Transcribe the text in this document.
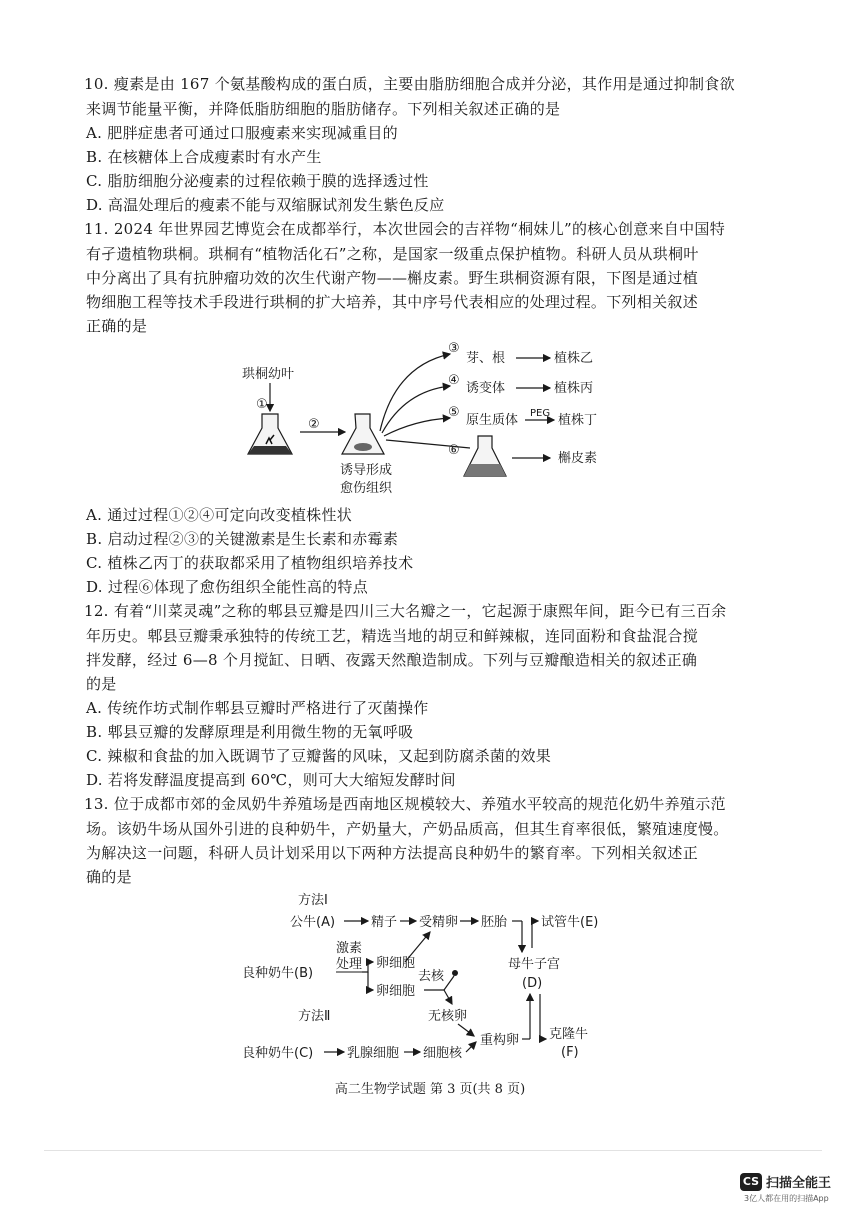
10. 瘦素是由 167 个氨基酸构成的蛋白质，主要由脂肪细胞合成并分泌，其作用是通过抑制食欲
来调节能量平衡，并降低脂肪细胞的脂肪储存。下列相关叙述正确的是
A. 肥胖症患者可通过口服瘦素来实现减重目的
B. 在核糖体上合成瘦素时有水产生
C. 脂肪细胞分泌瘦素的过程依赖于膜的选择透过性
D. 高温处理后的瘦素不能与双缩脲试剂发生紫色反应
11. 2024 年世界园艺博览会在成都举行，本次世园会的吉祥物“桐妹儿”的核心创意来自中国特
有孑遗植物珙桐。珙桐有“植物活化石”之称，是国家一级重点保护植物。科研人员从珙桐叶
中分离出了具有抗肿瘤功效的次生代谢产物——槲皮素。野生珙桐资源有限，下图是通过植
物细胞工程等技术手段进行珙桐的扩大培养，其中序号代表相应的处理过程。下列相关叙述
正确的是
珙桐幼叶
①
②
诱导形成
愈伤组织
③
芽、根	植株乙
④
诱变体	植株丙
⑤
原生质体 PEG 植株丁
⑥
槲皮素
A. 通过过程①②④可定向改变植株性状
B. 启动过程②③的关键激素是生长素和赤霉素
C. 植株乙丙丁的获取都采用了植物组织培养技术
D. 过程⑥体现了愈伤组织全能性高的特点
12. 有着“川菜灵魂”之称的郫县豆瓣是四川三大名瓣之一，它起源于康熙年间，距今已有三百余
年历史。郫县豆瓣秉承独特的传统工艺，精选当地的胡豆和鲜辣椒，连同面粉和食盐混合搅
拌发酵，经过 6—8 个月搅缸、日晒、夜露天然酿造制成。下列与豆瓣酿造相关的叙述正确
的是
A. 传统作坊式制作郫县豆瓣时严格进行了灭菌操作
B. 郫县豆瓣的发酵原理是利用微生物的无氧呼吸
C. 辣椒和食盐的加入既调节了豆瓣酱的风味，又起到防腐杀菌的效果
D. 若将发酵温度提高到 60℃，则可大大缩短发酵时间
13. 位于成都市郊的金凤奶牛养殖场是西南地区规模较大、养殖水平较高的规范化奶牛养殖示范
场。该奶牛场从国外引进的良种奶牛，产奶量大，产奶品质高，但其生育率很低，繁殖速度慢。
为解决这一问题，科研人员计划采用以下两种方法提高良种奶牛的繁育率。下列相关叙述正
确的是
方法Ⅰ
公牛(A)	精子 受精卵 胚胎	试管牛(E)
激素
处理
良种奶牛(B)
卵细胞
卵细胞
去核
母牛子宫
(D)
方法Ⅱ	无核卵
重构卵 克隆牛
(F)
良种奶牛(C)	乳腺细胞 细胞核
高二生物学试题 第 3 页(共 8 页)
CS 扫描全能王
3亿人都在用的扫描App
